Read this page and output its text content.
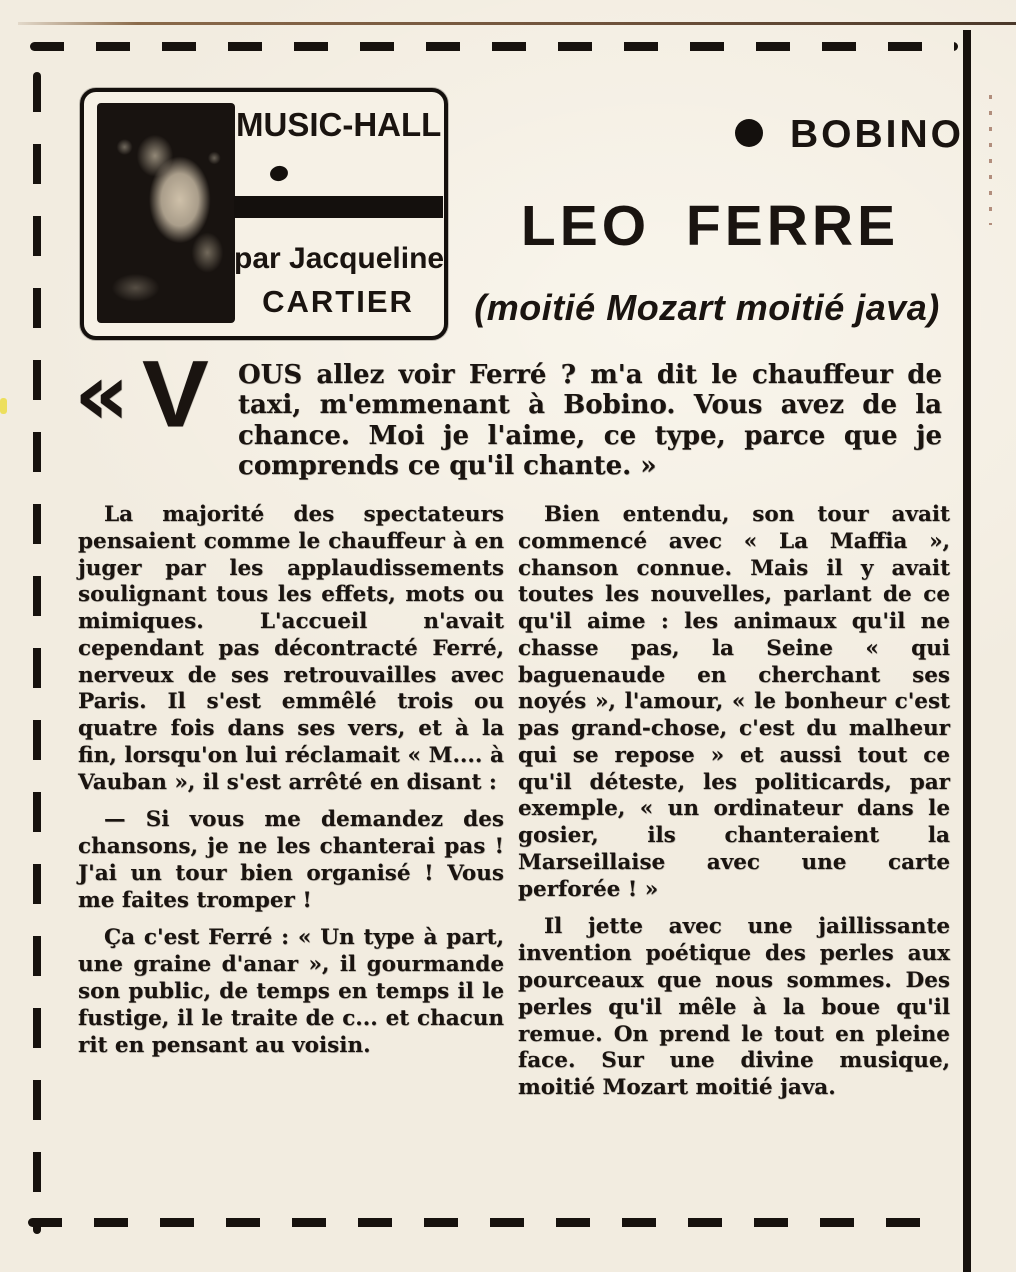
MUSIC-HALL
par Jacqueline
CARTIER
BOBINO
LEO FERRE
(moitié Mozart moitié java)
« V OUS allez voir Ferré ? m'a dit le chauffeur de taxi, m'emmenant à Bobino. Vous avez de la chance. Moi je l'aime, ce type, parce que je comprends ce qu'il chante. »

La majorité des spectateurs pensaient comme le chauffeur à en juger par les applaudissements soulignant tous les effets, mots ou mimiques. L'accueil n'avait cependant pas décontracté Ferré, nerveux de ses retrouvailles avec Paris. Il s'est emmêlé trois ou quatre fois dans ses vers, et à la fin, lorsqu'on lui réclamait « M.... à Vauban », il s'est arrêté en disant :

— Si vous me demandez des chansons, je ne les chanterai pas ! J'ai un tour bien organisé ! Vous me faites tromper !

Ça c'est Ferré : « Un type à part, une graine d'anar », il gourmande son public, de temps en temps il le fustige, il le traite de c... et chacun rit en pensant au voisin.

Bien entendu, son tour avait commencé avec « La Maffia », chanson connue. Mais il y avait toutes les nouvelles, parlant de ce qu'il aime : les animaux qu'il ne chasse pas, la Seine « qui baguenaude en cherchant ses noyés », l'amour, « le bonheur c'est pas grand-chose, c'est du malheur qui se repose » et aussi tout ce qu'il déteste, les politicards, par exemple, « un ordinateur dans le gosier, ils chanteraient la Marseillaise avec une carte perforée ! »

Il jette avec une jaillissante invention poétique des perles aux pourceaux que nous sommes. Des perles qu'il mêle à la boue qu'il remue. On prend le tout en pleine face. Sur une divine musique, moitié Mozart moitié java.
